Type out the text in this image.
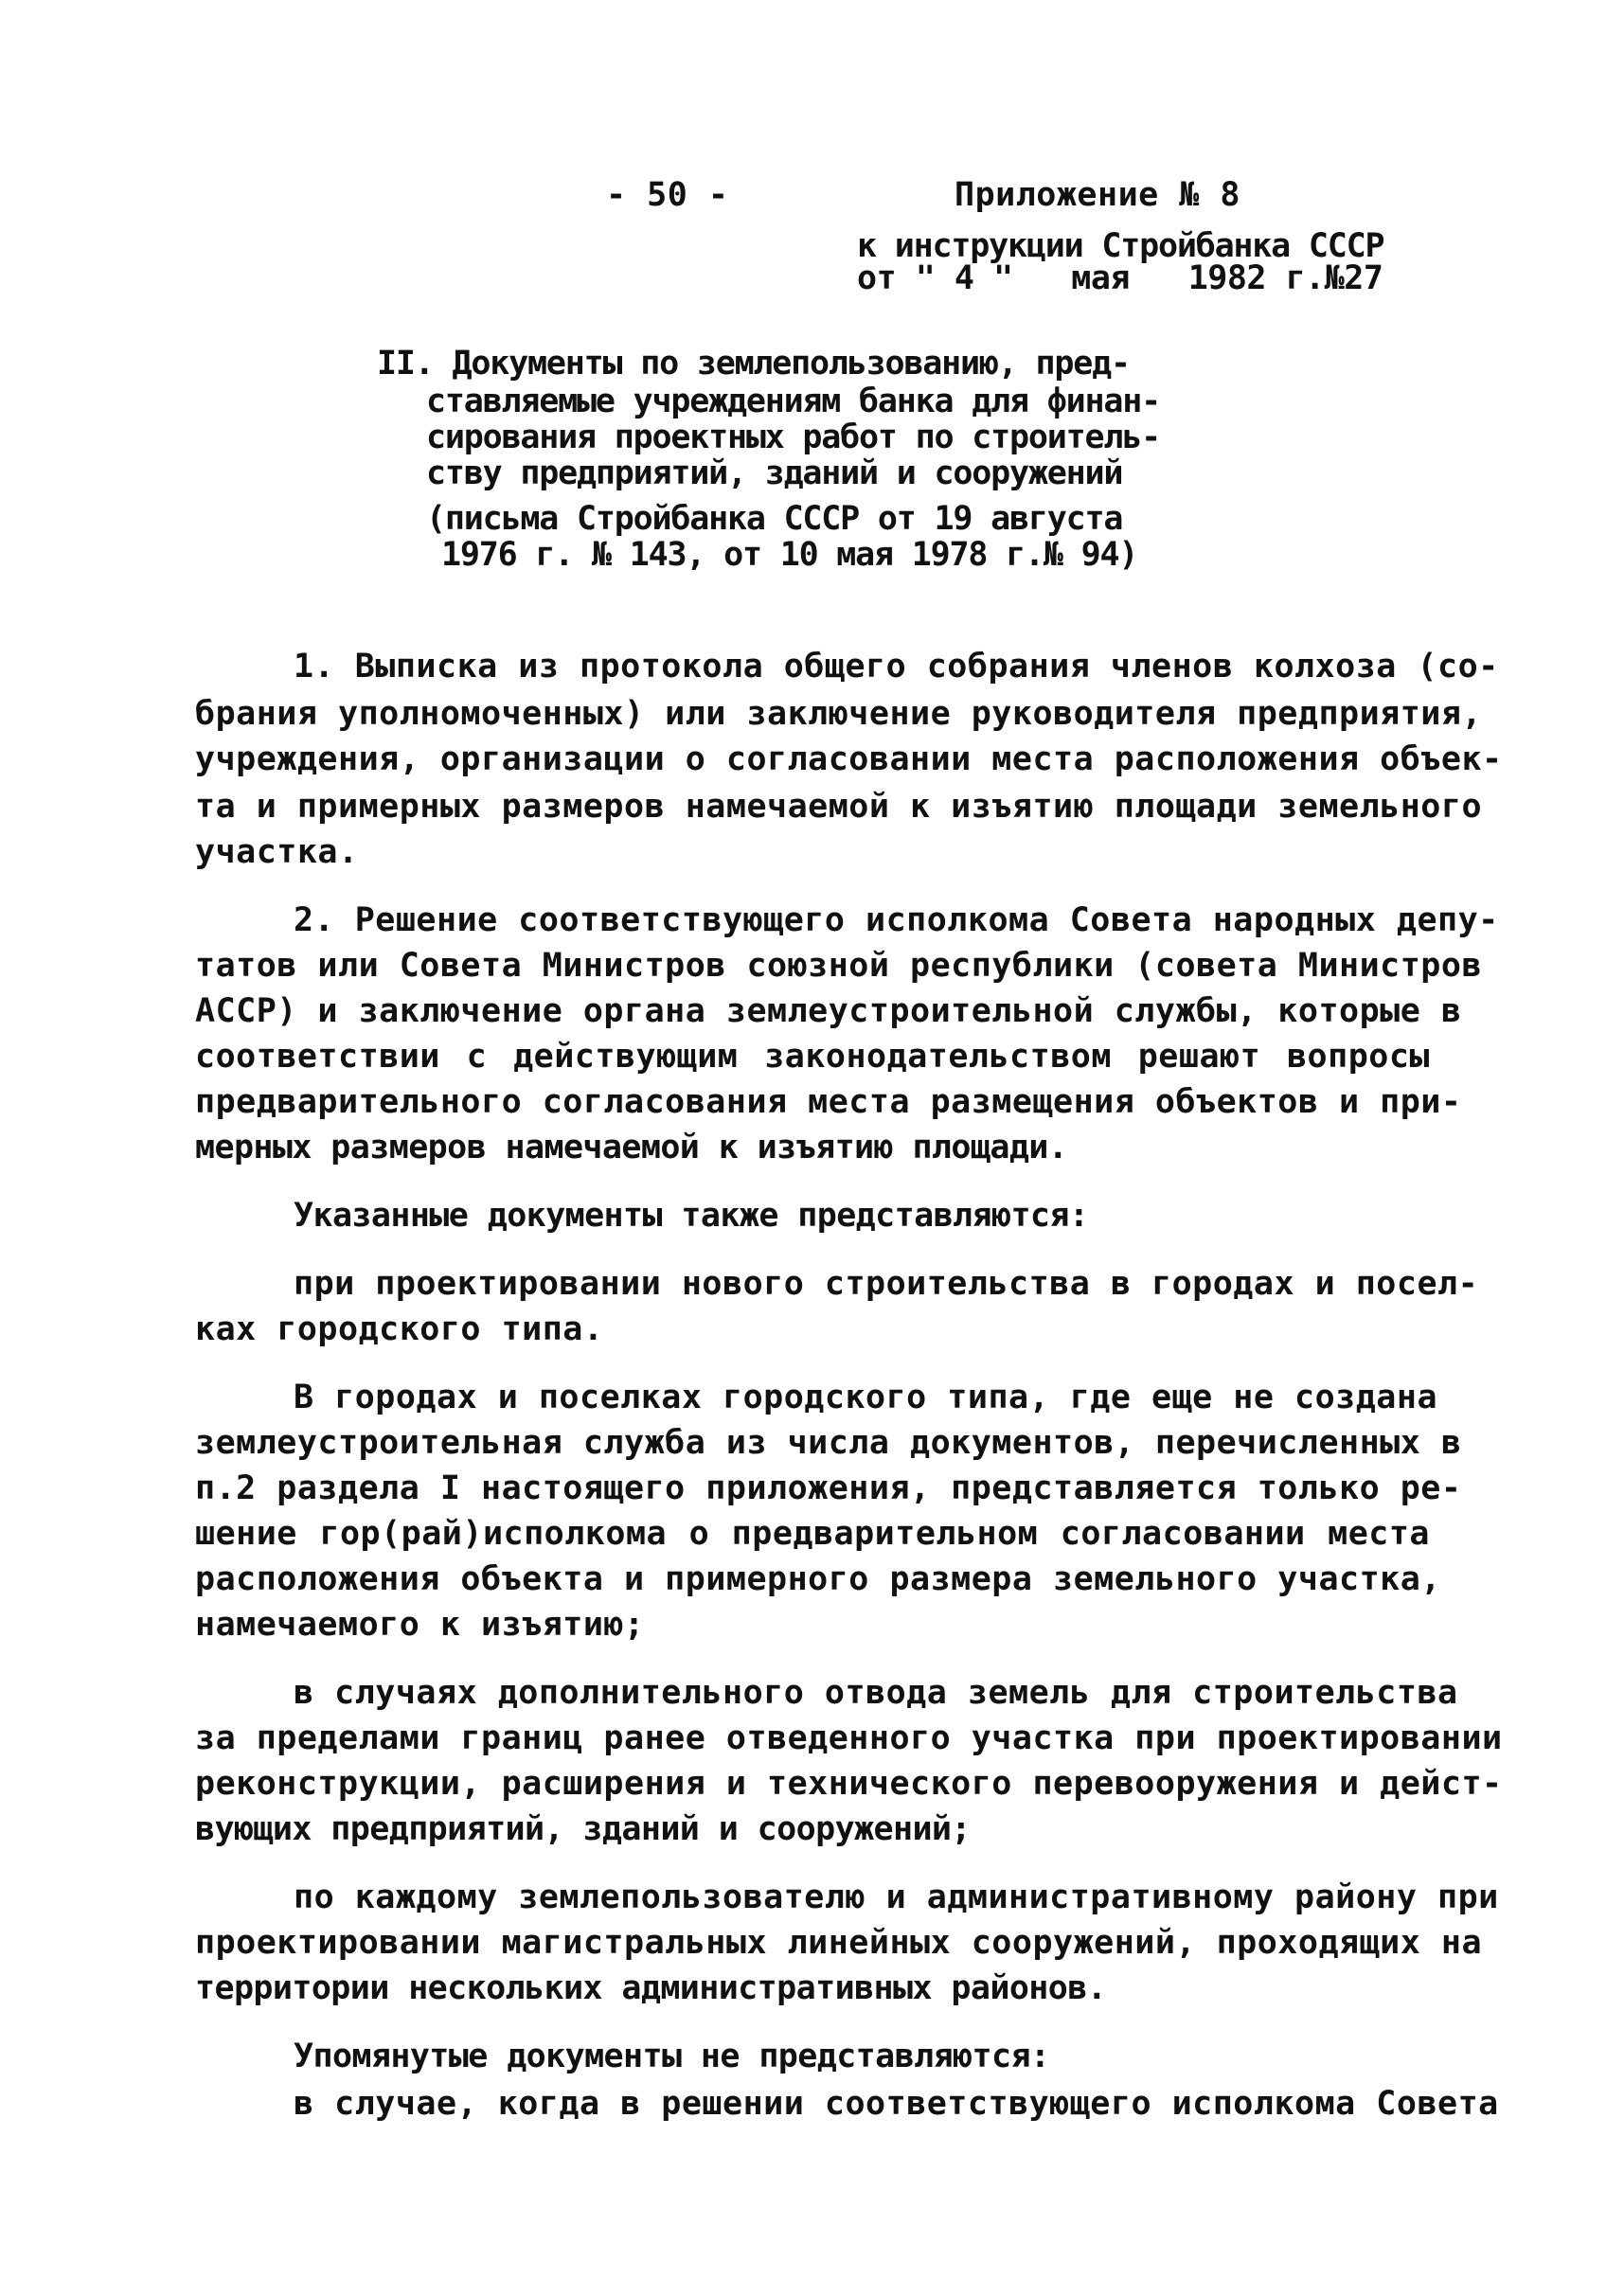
- 50 -	Приложение № 8
к инструкции Стройбанка СССР
от " 4 "   мая   1982 г.№27
II. Документы по землепользованию, пред-
ставляемые учреждениям банка для финан-
сирования проектных работ по строитель-
ству предприятий, зданий и сооружений
(письма Стройбанка СССР от 19 августа
1976 г. № 143, от 10 мая 1978 г.№ 94)
1. Выписка из протокола общего собрания членов колхоза (со-
брания уполномоченных) или заключение руководителя предприятия,
учреждения, организации о согласовании места расположения объек-
та и примерных размеров намечаемой к изъятию площади земельного
участка.
2. Решение соответствующего исполкома Совета народных депу-
татов или Совета Министров союзной республики (совета Министров
АССР) и заключение органа землеустроительной службы, которые в
соответствии с действующим законодательством решают вопросы
предварительного согласования места размещения объектов и при-
мерных размеров намечаемой к изъятию площади.
Указанные документы также представляются:
при проектировании нового строительства в городах и посел-
ках городского типа.
В городах и поселках городского типа, где еще не создана
землеустроительная служба из числа документов, перечисленных в
п.2 раздела I настоящего приложения, представляется только ре-
шение гор(рай)исполкома о предварительном согласовании места
расположения объекта и примерного размера земельного участка,
намечаемого к изъятию;
в случаях дополнительного отвода земель для строительства
за пределами границ ранее отведенного участка при проектировании
реконструкции, расширения и технического перевооружения и дейст-
вующих предприятий, зданий и сооружений;
по каждому землепользователю и административному району при
проектировании магистральных линейных сооружений, проходящих на
территории нескольких административных районов.
Упомянутые документы не представляются:
в случае, когда в решении соответствующего исполкома Совета
